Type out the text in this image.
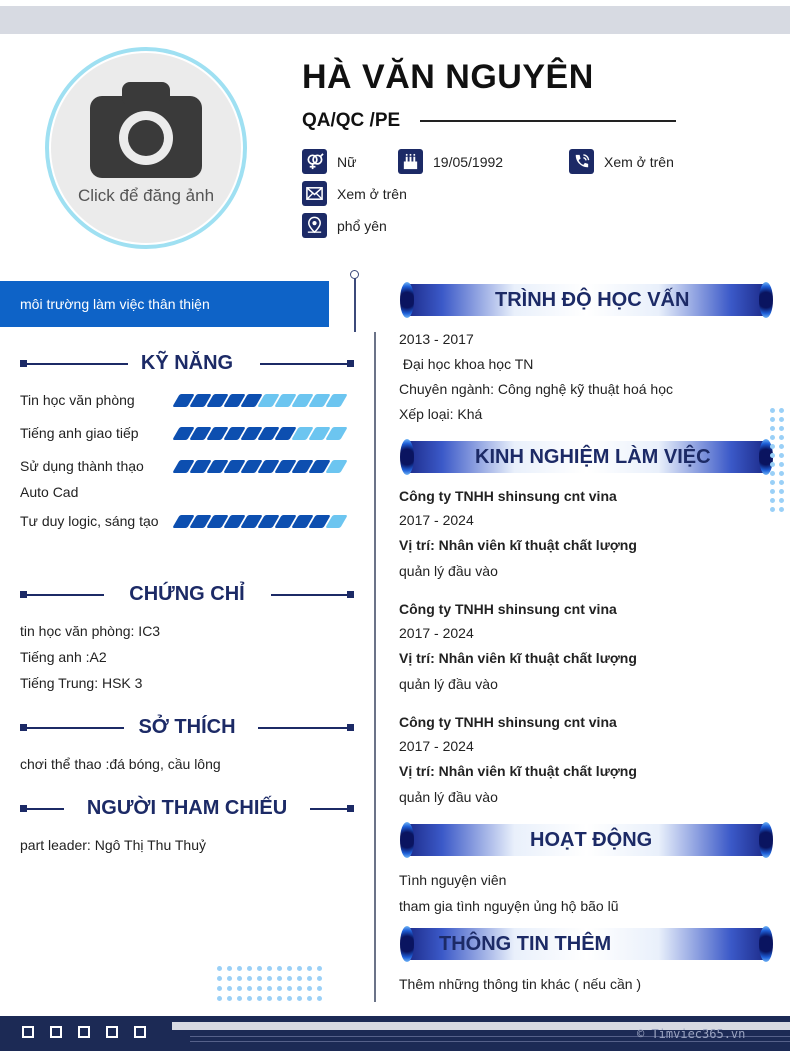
Click để đăng ảnh
HÀ VĂN NGUYÊN
QA/QC /PE
Nữ	19/05/1992	Xem ở trên
Xem ở trên
phổ yên
môi trường làm việc thân thiện
KỸ NĂNG
Tin học văn phòng
Tiếng anh giao tiếp
Sử dụng thành thạo Auto Cad
Tư duy logic, sáng tạo
CHỨNG CHỈ
tin học văn phòng: IC3
Tiếng anh :A2
Tiếng Trung: HSK 3
SỞ THÍCH
chơi thể thao :đá bóng, cầu lông
NGƯỜI THAM CHIẾU
part leader: Ngô Thị Thu Thuỷ
TRÌNH ĐỘ HỌC VẤN
2013 - 2017
Đại học khoa học TN
Chuyên ngành: Công nghệ kỹ thuật hoá học
Xếp loại: Khá
KINH NGHIỆM LÀM VIỆC
Công ty TNHH shinsung cnt vina
2017 - 2024
Vị trí: Nhân viên kĩ thuật chất lượng
quản lý đầu vào
Công ty TNHH shinsung cnt vina
2017 - 2024
Vị trí: Nhân viên kĩ thuật chất lượng
quản lý đầu vào
Công ty TNHH shinsung cnt vina
2017 - 2024
Vị trí: Nhân viên kĩ thuật chất lượng
quản lý đầu vào
HOẠT ĐỘNG
Tình nguyện viên
tham gia tình nguyện ủng hộ bão lũ
THÔNG TIN THÊM
Thêm những thông tin khác ( nếu cần )
© Timviec365.vn
